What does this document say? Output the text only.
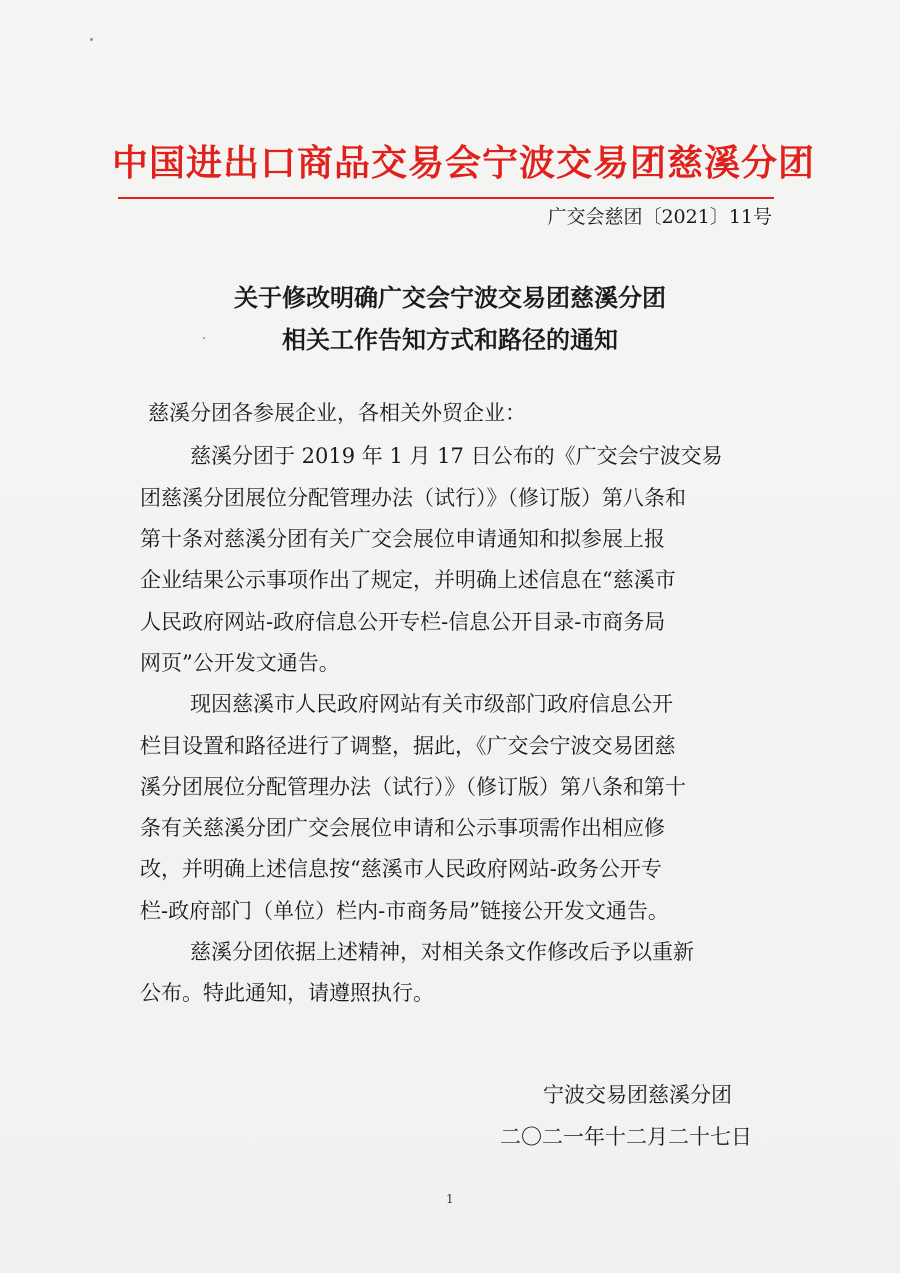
中国进出口商品交易会宁波交易团慈溪分团
广交会慈团〔2021〕11号
关于修改明确广交会宁波交易团慈溪分团
相关工作告知方式和路径的通知
慈溪分团各参展企业，各相关外贸企业：
慈溪分团于 2019 年 1 月 17 日公布的《广交会宁波交易
团慈溪分团展位分配管理办法（试行）》（修订版）第八条和
第十条对慈溪分团有关广交会展位申请通知和拟参展上报
企业结果公示事项作出了规定，并明确上述信息在“慈溪市
人民政府网站-政府信息公开专栏-信息公开目录-市商务局
网页”公开发文通告。
现因慈溪市人民政府网站有关市级部门政府信息公开
栏目设置和路径进行了调整，据此，《广交会宁波交易团慈
溪分团展位分配管理办法（试行）》（修订版）第八条和第十
条有关慈溪分团广交会展位申请和公示事项需作出相应修
改，并明确上述信息按“慈溪市人民政府网站-政务公开专
栏-政府部门（单位）栏内-市商务局”链接公开发文通告。
慈溪分团依据上述精神，对相关条文作修改后予以重新
公布。特此通知，请遵照执行。
宁波交易团慈溪分团
二〇二一年十二月二十七日
1
